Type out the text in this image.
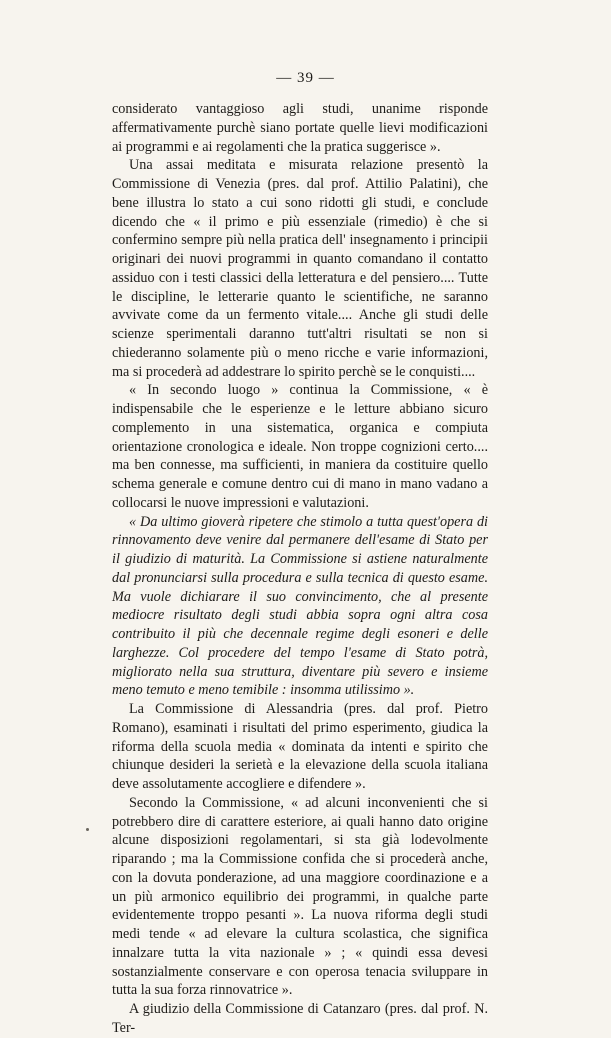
— 39 —

considerato vantaggioso agli studi, unanime risponde affermativamente purchè siano portate quelle lievi modificazioni ai programmi e ai regolamenti che la pratica suggerisce ».

Una assai meditata e misurata relazione presentò la Commissione di Venezia (pres. dal prof. Attilio Palatini), che bene illustra lo stato a cui sono ridotti gli studi, e conclude dicendo che « il primo e più essenziale (rimedio) è che si confermino sempre più nella pratica dell' insegnamento i principii originari dei nuovi programmi in quanto comandano il contatto assiduo con i testi classici della letteratura e del pensiero.... Tutte le discipline, le letterarie quanto le scientifiche, ne saranno avvivate come da un fermento vitale.... Anche gli studi delle scienze sperimentali daranno tutt'altri risultati se non si chiederanno solamente più o meno ricche e varie informazioni, ma si procederà ad addestrare lo spirito perchè se le conquisti....

« In secondo luogo » continua la Commissione, « è indispensabile che le esperienze e le letture abbiano sicuro complemento in una sistematica, organica e compiuta orientazione cronologica e ideale. Non troppe cognizioni certo.... ma ben connesse, ma sufficienti, in maniera da costituire quello schema generale e comune dentro cui di mano in mano vadano a collocarsi le nuove impressioni e valutazioni.

« Da ultimo gioverà ripetere che stimolo a tutta quest'opera di rinnovamento deve venire dal permanere dell'esame di Stato per il giudizio di maturità. La Commissione si astiene naturalmente dal pronunciarsi sulla procedura e sulla tecnica di questo esame. Ma vuole dichiarare il suo convincimento, che al presente mediocre risultato degli studi abbia sopra ogni altra cosa contribuito il più che decennale regime degli esoneri e delle larghezze. Col procedere del tempo l'esame di Stato potrà, migliorato nella sua struttura, diventare più severo e insieme meno temuto e meno temibile : insomma utilissimo ».

La Commissione di Alessandria (pres. dal prof. Pietro Romano), esaminati i risultati del primo esperimento, giudica la riforma della scuola media « dominata da intenti e spirito che chiunque desideri la serietà e la elevazione della scuola italiana deve assolutamente accogliere e difendere ».

Secondo la Commissione, « ad alcuni inconvenienti che si potrebbero dire di carattere esteriore, ai quali hanno dato origine alcune disposizioni regolamentari, si sta già lodevolmente riparando ; ma la Commissione confida che si procederà anche, con la dovuta ponderazione, ad una maggiore coordinazione e a un più armonico equilibrio dei programmi, in qualche parte evidentemente troppo pesanti ». La nuova riforma degli studi medi tende « ad elevare la cultura scolastica, che significa innalzare tutta la vita nazionale » ; « quindi essa devesi sostanzialmente conservare e con operosa tenacia sviluppare in tutta la sua forza rinnovatrice ».

A giudizio della Commissione di Catanzaro (pres. dal prof. N. Ter-
